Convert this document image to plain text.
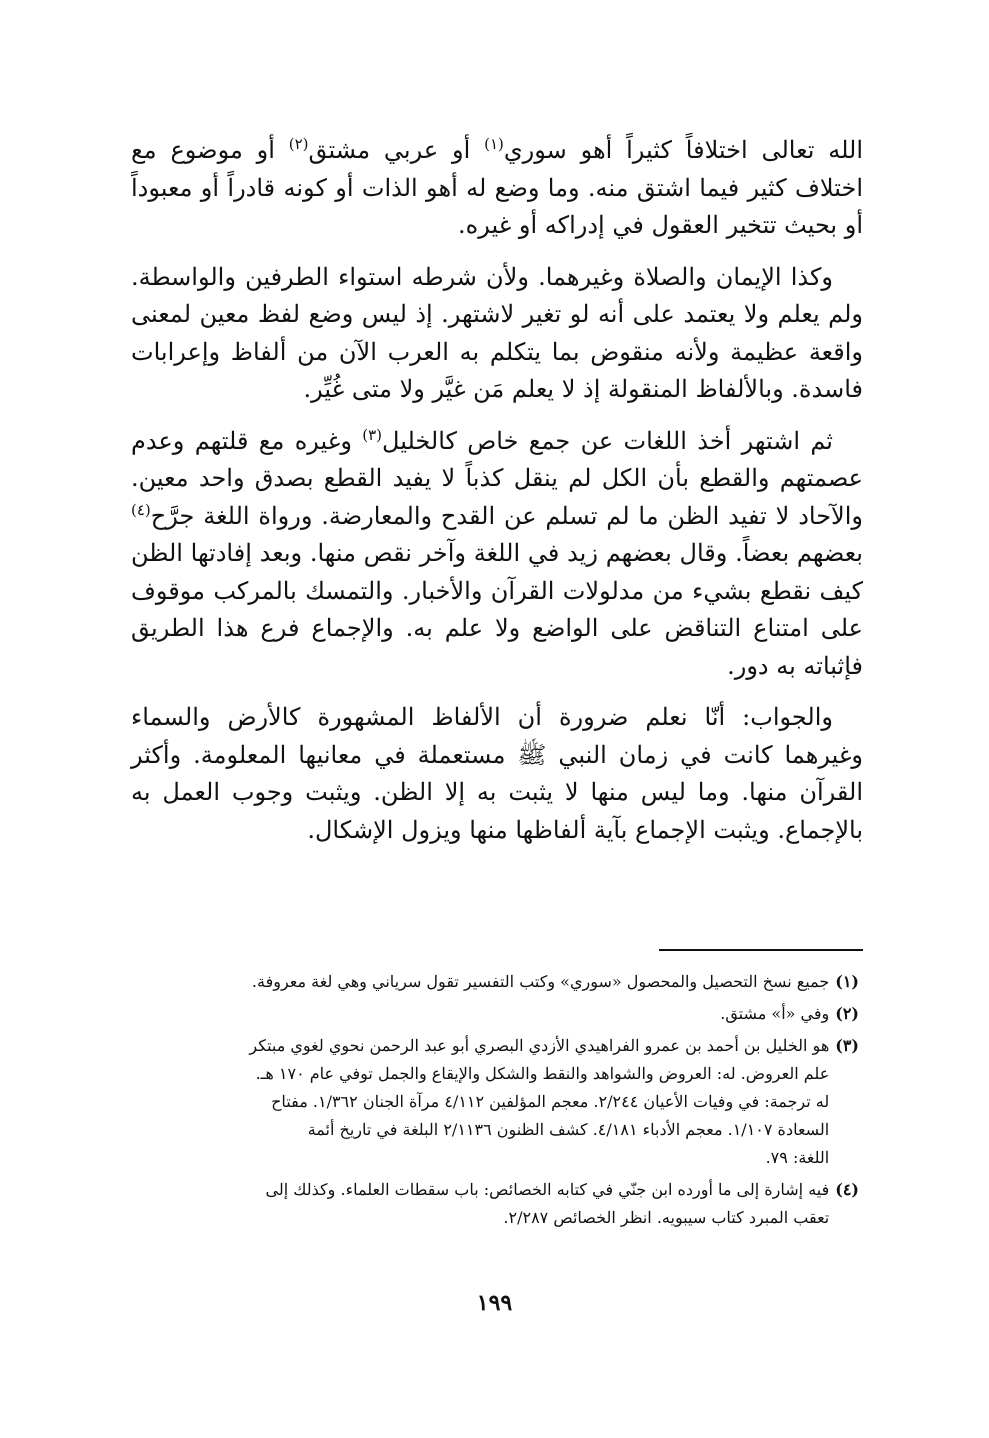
الله تعالى اختلافاً كثيراً أهو سوري$^{(١)}$ أو عربي مشتق$^{(٢)}$ أو موضوع مع اختلاف كثير فيما اشتق منه. وما وضع له أهو الذات أو كونه قادراً أو معبوداً أو بحيث تتخير العقول في إدراكه أو غيره.

وكذا الإيمان والصلاة وغيرهما. ولأن شرطه استواء الطرفين والواسطة. ولم يعلم ولا يعتمد على أنه لو تغير لاشتهر. إذ ليس وضع لفظ معين لمعنى واقعة عظيمة ولأنه منقوض بما يتكلم به العرب الآن من ألفاظ وإعرابات فاسدة. وبالألفاظ المنقولة إذ لا يعلم مَن غيَّر ولا متى غُيِّر.

ثم اشتهر أخذ اللغات عن جمع خاص كالخليل$^{(٣)}$ وغيره مع قلتهم وعدم عصمتهم والقطع بأن الكل لم ينقل كذباً لا يفيد القطع بصدق واحد معين. والآحاد لا تفيد الظن ما لم تسلم عن القدح والمعارضة. ورواة اللغة جرَّح$^{(٤)}$ بعضهم بعضاً. وقال بعضهم زيد في اللغة وآخر نقص منها. وبعد إفادتها الظن كيف نقطع بشيء من مدلولات القرآن والأخبار. والتمسك بالمركب موقوف على امتناع التناقض على الواضع ولا علم به. والإجماع فرع هذا الطريق فإثباته به دور.

والجواب: أنّا نعلم ضرورة أن الألفاظ المشهورة كالأرض والسماء وغيرهما كانت في زمان النبي ﷺ مستعملة في معانيها المعلومة. وأكثر القرآن منها. وما ليس منها لا يثبت به إلا الظن. ويثبت وجوب العمل به بالإجماع. ويثبت الإجماع بآية ألفاظها منها ويزول الإشكال.

(١)
جميع نسخ التحصيل والمحصول «سوري» وكتب التفسير تقول سرياني وهي لغة معروفة.
(٢)
وفي «أ» مشتق.
(٣)
هو الخليل بن أحمد بن عمرو الفراهيدي الأزدي البصري أبو عبد الرحمن نحوي لغوي مبتكر
علم العروض. له: العروض والشواهد والنقط والشكل والإيقاع والجمل توفي عام ١٧٠ هـ.
له ترجمة: في وفيات الأعيان ٢/٢٤٤. معجم المؤلفين ٤/١١٢ مرآة الجنان ١/٣٦٢. مفتاح
السعادة ١/١٠٧. معجم الأدباء ٤/١٨١. كشف الظنون ٢/١١٣٦ البلغة في تاريخ أئمة
اللغة: ٧٩.
(٤)
فيه إشارة إلى ما أورده ابن جنّي في كتابه الخصائص: باب سقطات العلماء. وكذلك إلى
تعقب المبرد كتاب سيبويه. انظر الخصائص ٢/٢٨٧.
١٩٩
